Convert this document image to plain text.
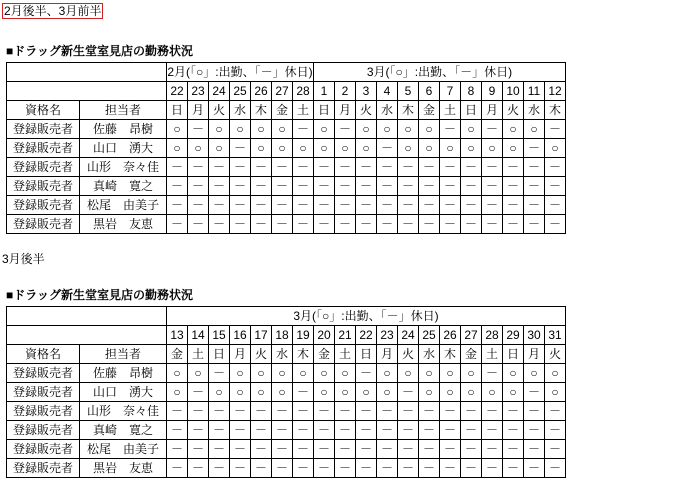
2月後半、3月前半
■ドラッグ新生堂室見店の勤務状況
		2月(「○」:出勤、「－」休日)							3月(「○」:出勤、「－」休日)											
		22	23	24	25	26	27	28	1	2	3	4	5	6	7	8	9	10	11	12
資格名	担当者	日	月	火	水	木	金	土	日	月	火	水	木	金	土	日	月	火	水	木
登録販売者	佐藤　昂樹	○	－	○	○	○	○	－	○	－	○	○	○	○	－	○	－	○	○	－
登録販売者	山口　湧大	○	○	○	－	○	○	○	○	○	○	－	○	○	○	○	○	○	－	○
登録販売者	山形　奈々佳	－	－	－	－	－	－	－	－	－	－	－	－	－	－	－	－	－	－	－
登録販売者	真崎　寛之	－	－	－	－	－	－	－	－	－	－	－	－	－	－	－	－	－	－	－
登録販売者	松尾　由美子	－	－	－	－	－	－	－	－	－	－	－	－	－	－	－	－	－	－	－
登録販売者	黒岩　友恵	－	－	－	－	－	－	－	－	－	－	－	－	－	－	－	－	－	－	－
3月後半
■ドラッグ新生堂室見店の勤務状況
		3月(「○」:出勤、「－」休日)																		
		13	14	15	16	17	18	19	20	21	22	23	24	25	26	27	28	29	30	31
資格名	担当者	金	土	日	月	火	水	木	金	土	日	月	火	水	木	金	土	日	月	火
登録販売者	佐藤　昂樹	○	○	－	○	○	○	○	○	○	－	○	○	○	○	○	－	○	○	○
登録販売者	山口　湧大	○	－	○	○	○	○	－	○	○	○	○	－	○	○	○	○	○	－	○
登録販売者	山形　奈々佳	－	－	－	－	－	－	－	－	－	－	－	－	－	－	－	－	－	－	－
登録販売者	真崎　寛之	－	－	－	－	－	－	－	－	－	－	－	－	－	－	－	－	－	－	－
登録販売者	松尾　由美子	－	－	－	－	－	－	－	－	－	－	－	－	－	－	－	－	－	－	－
登録販売者	黒岩　友恵	－	－	－	－	－	－	－	－	－	－	－	－	－	－	－	－	－	－	－
